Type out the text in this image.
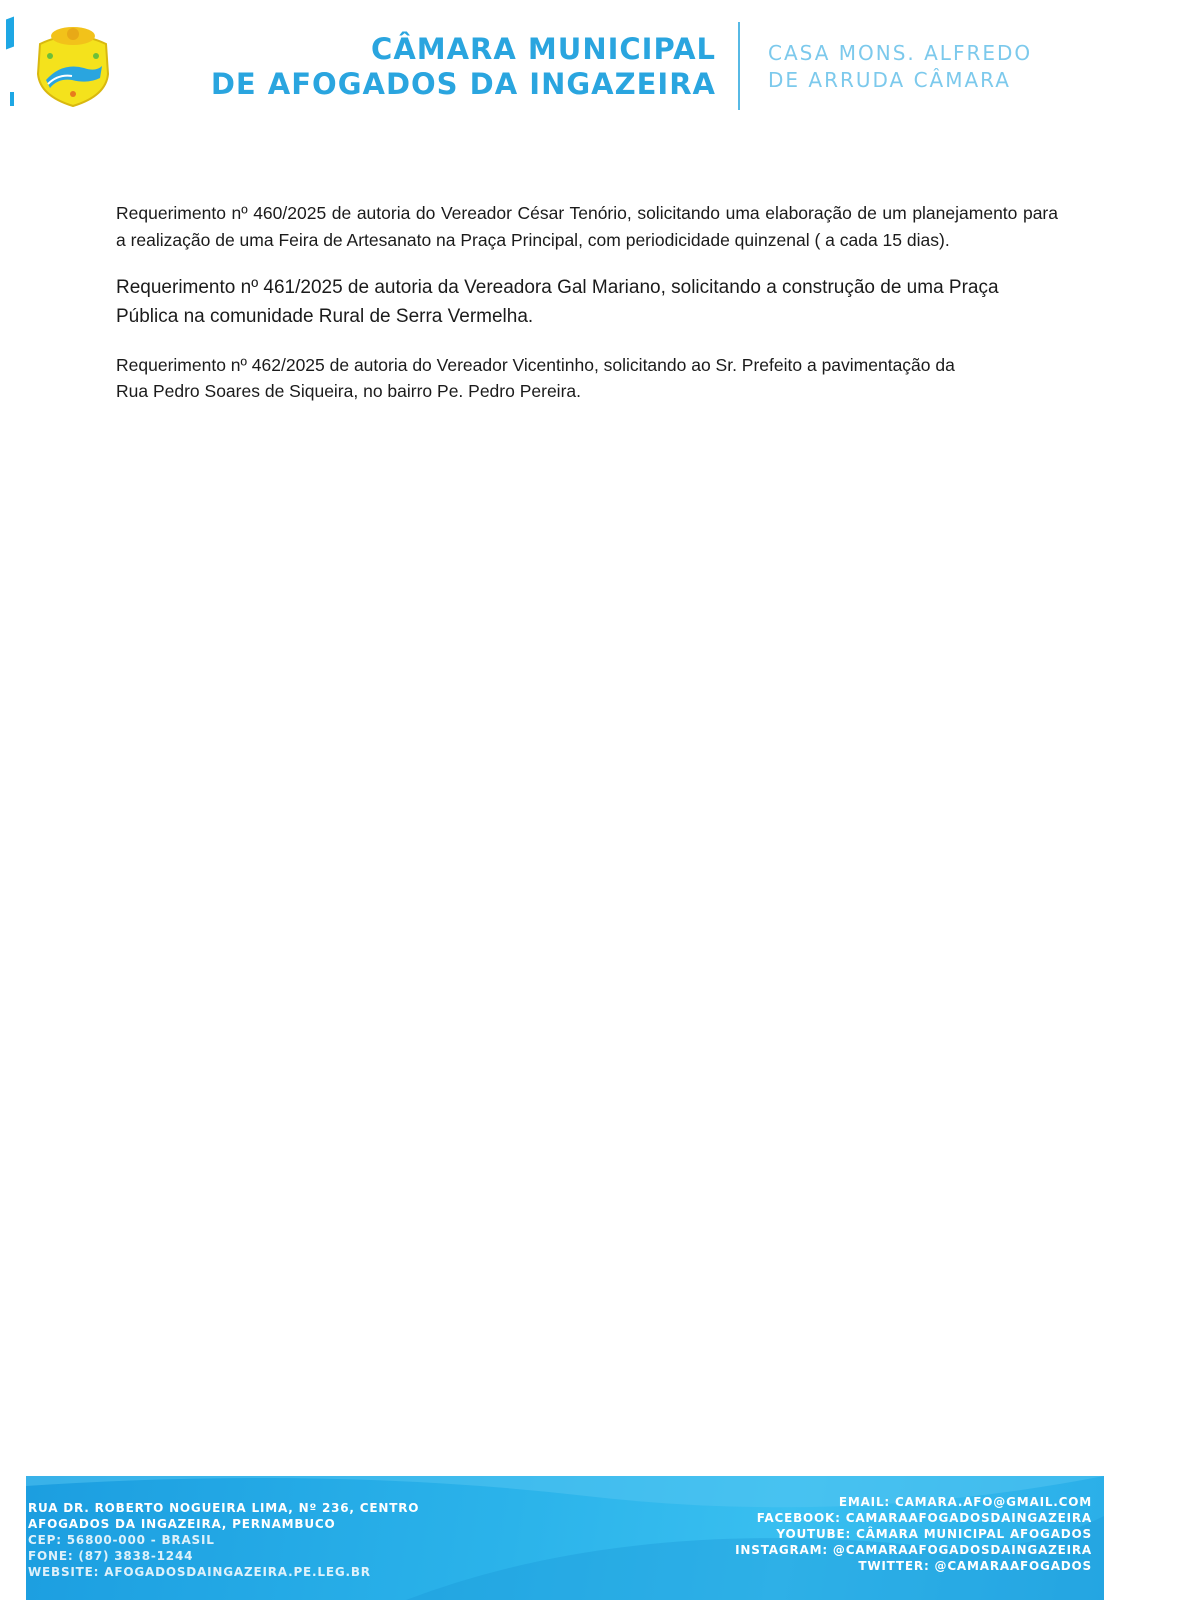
CÂMARA MUNICIPAL
DE AFOGADOS DA INGAZEIRA
CASA MONS. ALFREDO
DE ARRUDA CÂMARA

Requerimento nº 460/2025 de autoria do Vereador César Tenório, solicitando uma elaboração de um planejamento para a realização de uma Feira de Artesanato na Praça Principal, com periodicidade quinzenal ( a cada 15 dias).

Requerimento nº 461/2025 de autoria da Vereadora Gal Mariano, solicitando a construção de uma Praça Pública na comunidade Rural de Serra Vermelha.

Requerimento nº 462/2025 de autoria do Vereador Vicentinho, solicitando ao Sr. Prefeito a pavimentação da Rua Pedro Soares de Siqueira, no bairro Pe. Pedro Pereira.

RUA DR. ROBERTO NOGUEIRA LIMA, Nº 236, CENTRO
AFOGADOS DA INGAZEIRA, PERNAMBUCO
CEP: 56800-000 - BRASIL
FONE: (87) 3838-1244
WEBSITE: AFOGADOSDAINGAZEIRA.PE.LEG.BR
EMAIL: CAMARA.AFO@GMAIL.COM
FACEBOOK: CAMARAAFOGADOSDAINGAZEIRA
YOUTUBE: CÂMARA MUNICIPAL AFOGADOS
INSTAGRAM: @CAMARAAFOGADOSDAINGAZEIRA
TWITTER: @CAMARAAFOGADOS
